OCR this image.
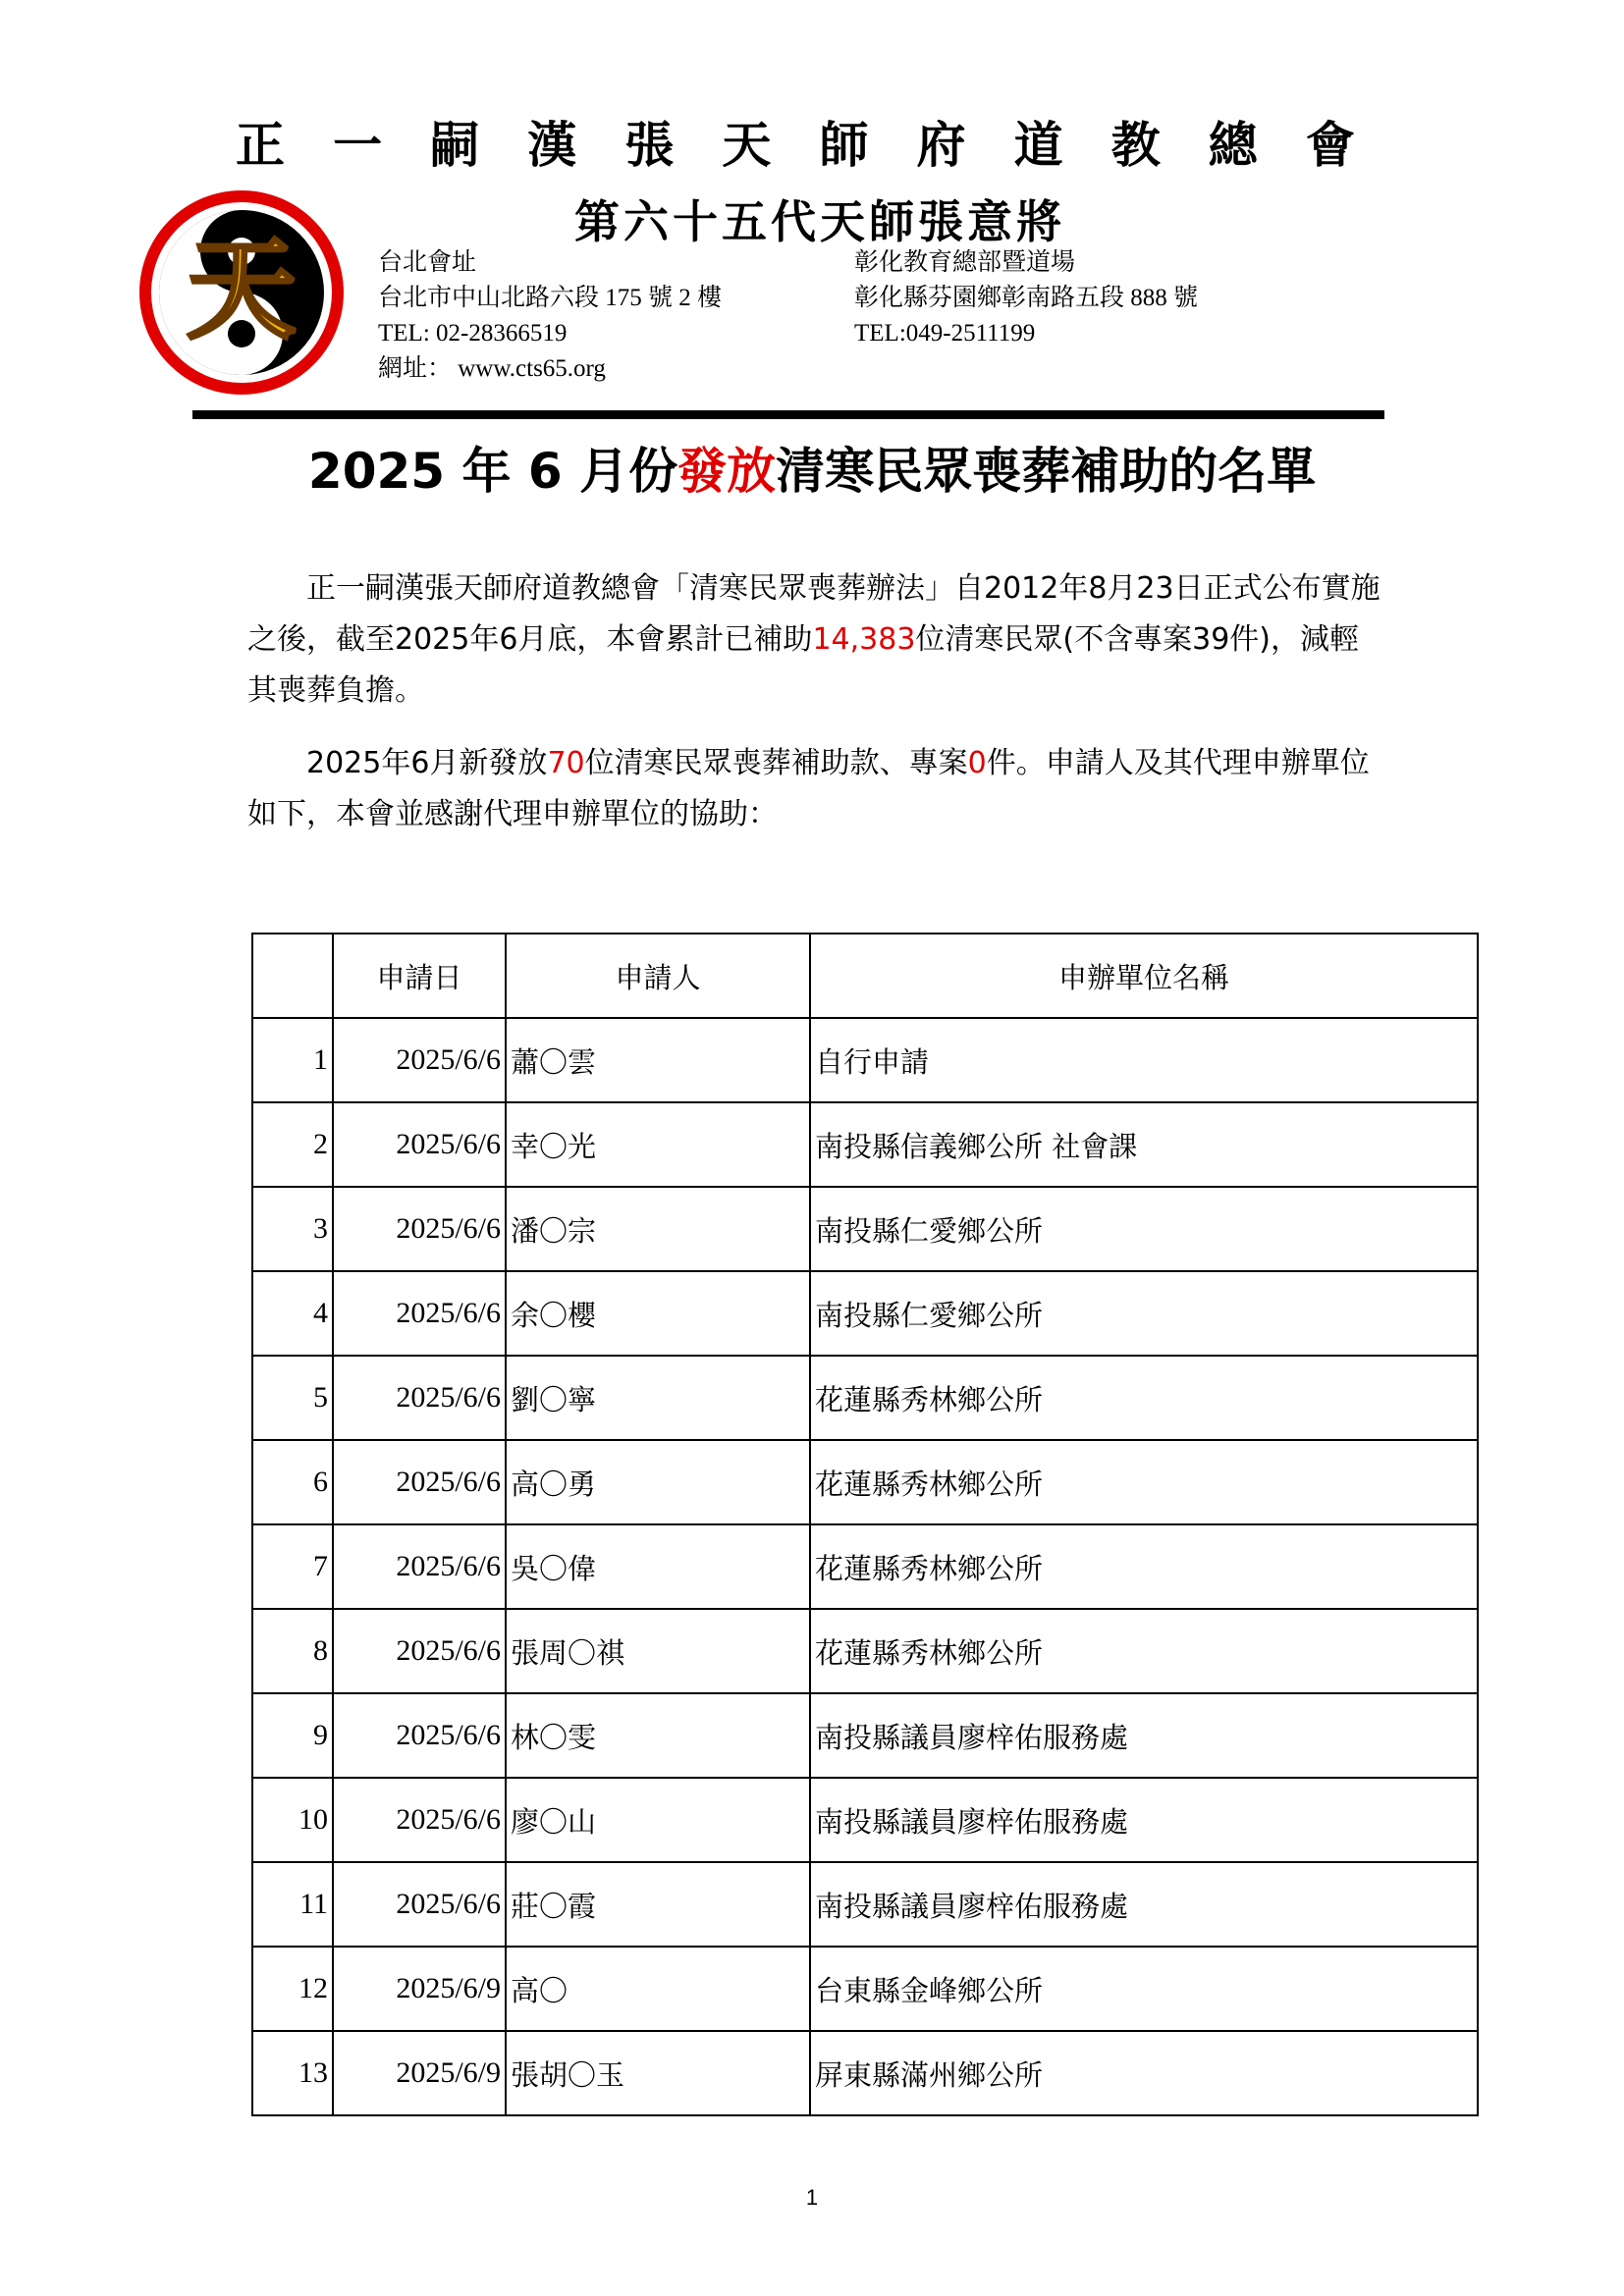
正 一 嗣 漢 張 天 師 府 道 教 總 會
天
第六十五代天師張意將
台北會址
台北市中山北路六段 175 號 2 樓
TEL: 02-28366519
網址： www.cts65.org
彰化教育總部暨道場
彰化縣芬園鄉彰南路五段 888 號
TEL:049-2511199
2025 年 6 月份發放清寒民眾喪葬補助的名單
正一嗣漢張天師府道教總會「清寒民眾喪葬辦法」自2012年8月23日正式公布實施之後，截至2025年6月底，本會累計已補助14,383位清寒民眾(不含專案39件)，減輕其喪葬負擔。
2025年6月新發放70位清寒民眾喪葬補助款、專案0件。申請人及其代理申辦單位如下，本會並感謝代理申辦單位的協助：
	申請日	申請人	申辦單位名稱
1	2025/6/6	蕭〇雲	自行申請
2	2025/6/6	幸〇光	南投縣信義鄉公所 社會課
3	2025/6/6	潘〇宗	南投縣仁愛鄉公所
4	2025/6/6	余〇櫻	南投縣仁愛鄉公所
5	2025/6/6	劉〇寧	花蓮縣秀林鄉公所
6	2025/6/6	高〇勇	花蓮縣秀林鄉公所
7	2025/6/6	吳〇偉	花蓮縣秀林鄉公所
8	2025/6/6	張周〇祺	花蓮縣秀林鄉公所
9	2025/6/6	林〇雯	南投縣議員廖梓佑服務處
10	2025/6/6	廖〇山	南投縣議員廖梓佑服務處
11	2025/6/6	莊〇霞	南投縣議員廖梓佑服務處
12	2025/6/9	高〇	台東縣金峰鄉公所
13	2025/6/9	張胡〇玉	屏東縣滿州鄉公所
1
